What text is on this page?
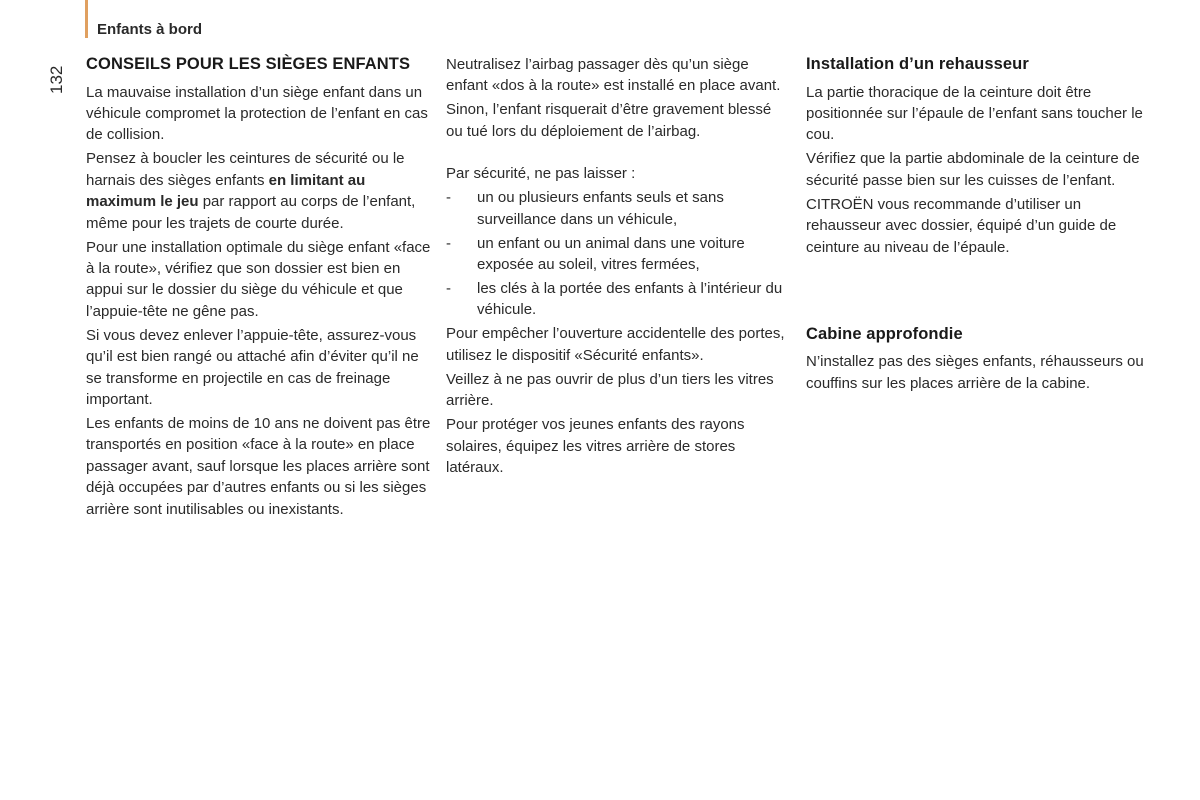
Enfants à bord
132
CONSEILS POUR LES SIÈGES ENFANTS

La mauvaise installation d’un siège enfant dans un véhicule compromet la protection de l’enfant en cas de collision.

Pensez à boucler les ceintures de sécurité ou le harnais des sièges enfants en limitant au maximum le jeu par rapport au corps de l’enfant, même pour les trajets de courte durée.

Pour une installation optimale du siège enfant «face à la route», vérifiez que son dossier est bien en appui sur le dossier du siège du véhicule et que l’appuie-tête ne gêne pas.

Si vous devez enlever l’appuie-tête, assurez-vous qu’il est bien rangé ou attaché afin d’éviter qu’il ne se transforme en projectile en cas de freinage important.

Les enfants de moins de 10 ans ne doivent pas être transportés en position «face à la route» en place passager avant, sauf lorsque les places arrière sont déjà occupées par d’autres enfants ou si les sièges arrière sont inutilisables ou inexistants.

Neutralisez l’airbag passager dès qu’un siège enfant «dos à la route» est installé en place avant.

Sinon, l’enfant risquerait d’être gravement blessé ou tué lors du déploiement de l’airbag.

Par sécurité, ne pas laisser :

- un ou plusieurs enfants seuls et sans surveillance dans un véhicule,
- un enfant ou un animal dans une voiture exposée au soleil, vitres fermées,
- les clés à la portée des enfants à l’intérieur du véhicule.

Pour empêcher l’ouverture accidentelle des portes, utilisez le dispositif «Sécurité enfants».

Veillez à ne pas ouvrir de plus d’un tiers les vitres arrière.

Pour protéger vos jeunes enfants des rayons solaires, équipez les vitres arrière de stores latéraux.

Installation d’un rehausseur

La partie thoracique de la ceinture doit être positionnée sur l’épaule de l’enfant sans toucher le cou.

Vérifiez que la partie abdominale de la ceinture de sécurité passe bien sur les cuisses de l’enfant.

CITROËN vous recommande d’utiliser un rehausseur avec dossier, équipé d’un guide de ceinture au niveau de l’épaule.

Cabine approfondie

N’installez pas des sièges enfants, réhausseurs ou couffins sur les places arrière de la cabine.
